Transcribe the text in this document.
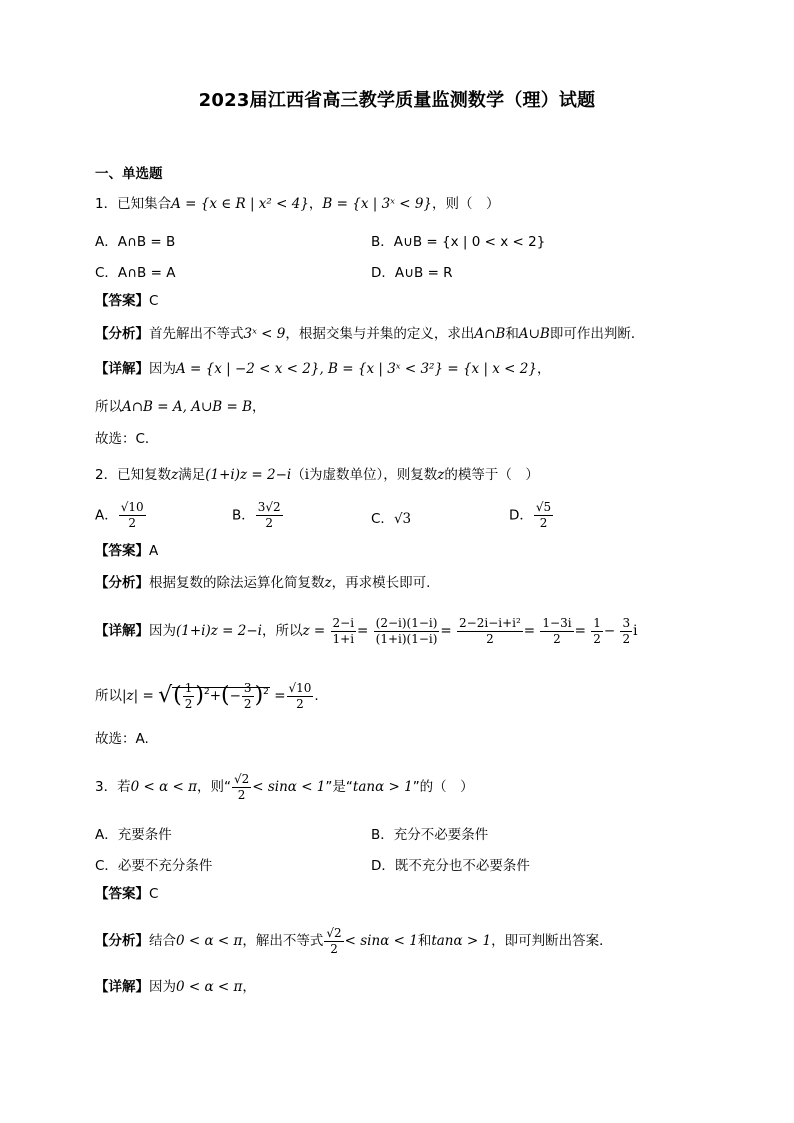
2023届江西省高三教学质量监测数学（理）试题
一、单选题
1．已知集合A = {x ∈ R | x² < 4}，B = {x | 3ˣ < 9}，则（　）
A．A∩B = B	B．A∪B = {x | 0 < x < 2}
C．A∩B = A	D．A∪B = R
【答案】C
【分析】首先解出不等式3ˣ < 9，根据交集与并集的定义，求出A∩B和A∪B即可作出判断．
【详解】因为A = {x | −2 < x < 2}, B = {x | 3ˣ < 3²} = {x | x < 2}，
所以A∩B = A, A∪B = B，
故选：C．
2．已知复数z满足(1+i)z = 2−i（i为虚数单位），则复数z的模等于（　）
A． $\frac{√10}{2}$	B． $\frac{3√2}{2}$	C．√3	D． $\frac{√5}{2}$
【答案】A
【分析】根据复数的除法运算化简复数z，再求模长即可.
【详解】因为(1+i)z = 2−i，所以$z = \frac{2-i}{1+i} = \frac{(2-i)(1-i)}{(1+i)(1-i)} = \frac{\text{2−2i−i+i²}}{2} = \frac{1-3i}{2} = \frac{1}{2} - \frac{3}{2}$ i
所以|z| = √( $\frac{1}{2} )^2+(- \frac{3}{2} )^2 = \frac{√10}{2}$ .
故选：A.
3．若0 < α < π，则“ $\frac{√2}{2} < \sin\alpha < 1$”是“tanα > 1”的（　）
A．充要条件	B．充分不必要条件
C．必要不充分条件	D．既不充分也不必要条件
【答案】C
【分析】结合0 < α < π，解出不等式 $\frac{√2}{2} < \sin\alpha < 1$和tanα > 1，即可判断出答案．
【详解】因为0 < α < π，
